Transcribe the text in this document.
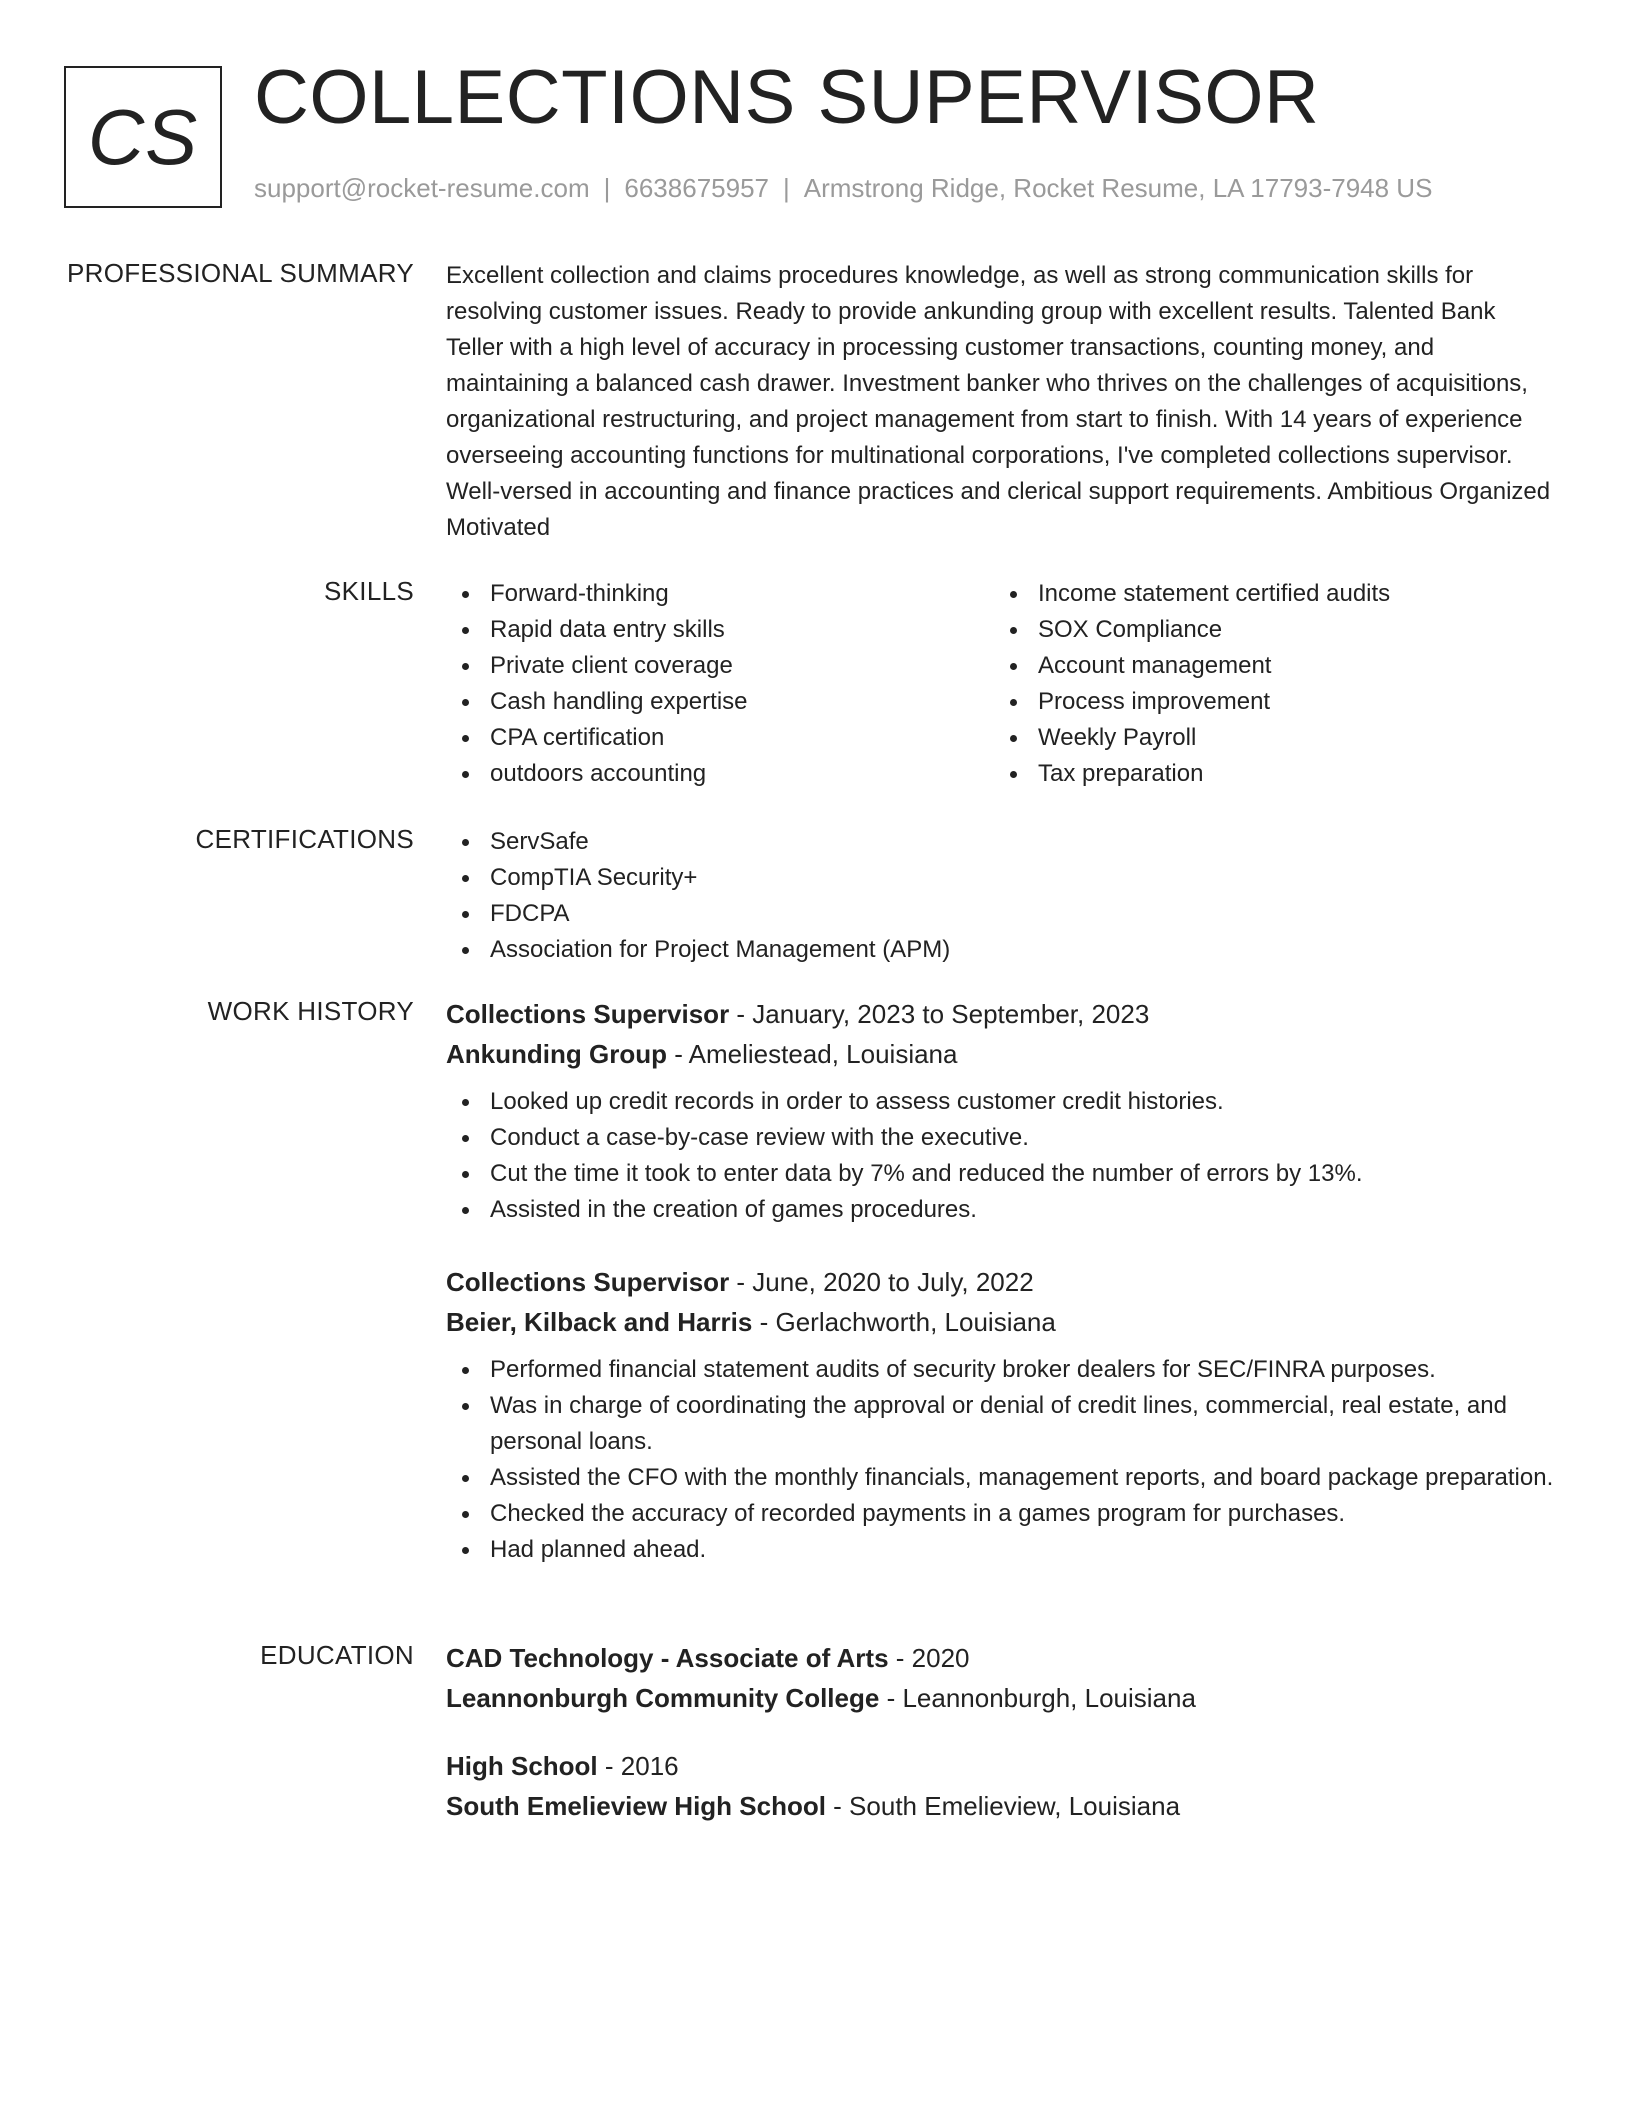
CS COLLECTIONS SUPERVISOR
support@rocket-resume.com | 6638675957 | Armstrong Ridge, Rocket Resume, LA 17793-7948 US
PROFESSIONAL SUMMARY Excellent collection and claims procedures knowledge, as well as strong communication skills for resolving customer issues. Ready to provide ankunding group with excellent results. Talented Bank Teller with a high level of accuracy in processing customer transactions, counting money, and maintaining a balanced cash drawer. Investment banker who thrives on the challenges of acquisitions, organizational restructuring, and project management from start to finish. With 14 years of experience overseeing accounting functions for multinational corporations, I've completed collections supervisor. Well-versed in accounting and finance practices and clerical support requirements. Ambitious Organized Motivated
SKILLS	Forward-thinking
Rapid data entry skills
Private client coverage
Cash handling expertise
CPA certification
outdoors accounting
Income statement certified audits
SOX Compliance
Account management
Process improvement
Weekly Payroll
Tax preparation
CERTIFICATIONS	ServSafe
CompTIA Security+
FDCPA
Association for Project Management (APM)
WORK HISTORY Collections Supervisor - January, 2023 to September, 2023
Ankunding Group - Ameliestead, Louisiana
Looked up credit records in order to assess customer credit histories.
Conduct a case-by-case review with the executive.
Cut the time it took to enter data by 7% and reduced the number of errors by 13%.
Assisted in the creation of games procedures.
Collections Supervisor - June, 2020 to July, 2022
Beier, Kilback and Harris - Gerlachworth, Louisiana
Performed financial statement audits of security broker dealers for SEC/FINRA purposes.
Was in charge of coordinating the approval or denial of credit lines, commercial, real estate, and personal loans.
Assisted the CFO with the monthly financials, management reports, and board package preparation.
Checked the accuracy of recorded payments in a games program for purchases.
Had planned ahead.
EDUCATION CAD Technology - Associate of Arts - 2020
Leannonburgh Community College - Leannonburgh, Louisiana
High School - 2016
South Emelieview High School - South Emelieview, Louisiana
